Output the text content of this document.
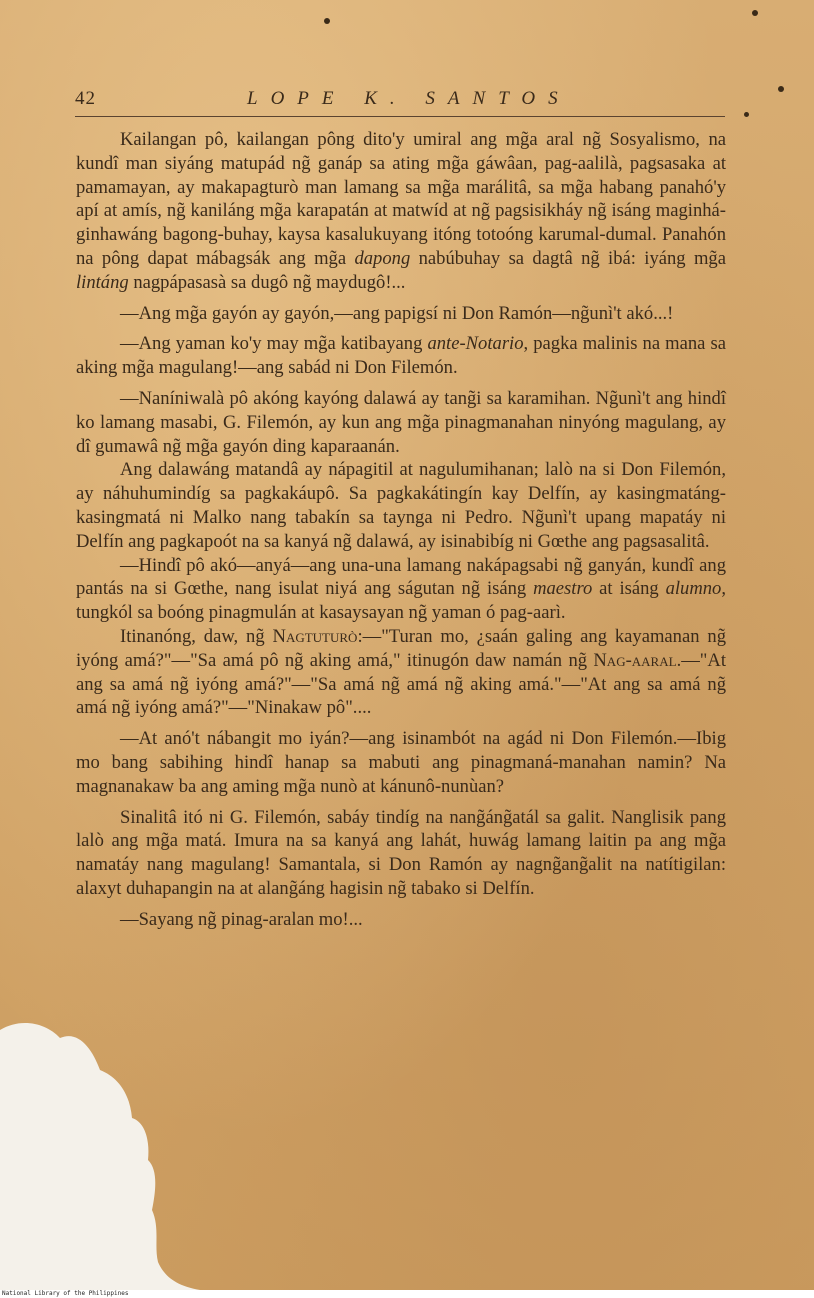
42	LOPE K. SANTOS

Kailangan pô, kailangan pông dito'y umiral ang mg̃a aral ng̃ Sosyalismo, na kundî man siyáng matupád ng̃ ganáp sa ating mg̃a gáwâan, pag-aalilà, pagsasaka at pamamayan, ay makapagturò man lamang sa mg̃a marálitâ, sa mg̃a habang panahó'y apí at amís, ng̃ kaniláng mg̃a karapatán at matwíd at ng̃ pagsisikháy ng̃ isáng maginhá-ginhawáng bagong-buhay, kaysa kasalukuyang itóng totoóng karumal-dumal. Panahón na pông dapat mábagsák ang mg̃a dapong nabúbuhay sa dagtâ ng̃ ibá: iyáng mg̃a lintáng nagpápasasà sa dugô ng̃ maydugô!...

—Ang mg̃a gayón ay gayón,—ang papigsí ni Don Ramón—ng̃unì't akó...!

—Ang yaman ko'y may mg̃a katibayang ante-Notario, pagka malinis na mana sa aking mg̃a magulang!—ang sabád ni Don Filemón.

—Naníniwalà pô akóng kayóng dalawá ay tang̃i sa karamihan. Ng̃unì't ang hindî ko lamang masabi, G. Filemón, ay kun ang mg̃a pinagmanahan ninyóng magulang, ay dî gumawâ ng̃ mg̃a gayón ding kaparaanán.

Ang dalawáng matandâ ay nápagitil at nagulumihanan; lalò na si Don Filemón, ay náhuhumindíg sa pagkakáupô. Sa pagkakátingín kay Delfín, ay kasingmatáng-kasingmatá ni Malko nang tabakín sa taynga ni Pedro. Ng̃unì't upang mapatáy ni Delfín ang pagkapoót na sa kanyá ng̃ dalawá, ay isinabibíg ni Gœthe ang pagsasalitâ.

—Hindî pô akó—anyá—ang una-una lamang nakápagsabi ng̃ ganyán, kundî ang pantás na si Gœthe, nang isulat niyá ang ságutan ng̃ isáng maestro at isáng alumno, tungkól sa boóng pinagmulán at kasaysayan ng̃ yaman ó pag-aarì.

Itinanóng, daw, ng̃ Nagtuturò:—"Turan mo, ¿saán galing ang kayamanan ng̃ iyóng amá?"—"Sa amá pô ng̃ aking amá," itinugón daw namán ng̃ Nag-aaral.—"At ang sa amá ng̃ iyóng amá?"—"Sa amá ng̃ amá ng̃ aking amá."—"At ang sa amá ng̃ amá ng̃ iyóng amá?"—"Ninakaw pô"....

—At anó't nábangit mo iyán?—ang isinambót na agád ni Don Filemón.—Ibig mo bang sabihing hindî hanap sa mabuti ang pinagmaná-manahan namin? Na magnanakaw ba ang aming mg̃a nunò at kánunô-nunùan?

Sinalitâ itó ni G. Filemón, sabáy tindíg na nang̃áng̃atál sa galit. Nanglisik pang lalò ang mg̃a matá. Imura na sa kanyá ang lahát, huwág lamang laitin pa ang mg̃a namatáy nang magulang! Samantala, si Don Ramón ay nagng̃ang̃alit na natítigilan: alaxyt duhapangin na at alang̃áng hagisin ng̃ tabako si Delfín.

—Sayang ng̃ pinag-aralan mo!...

National Library of the Philippines
